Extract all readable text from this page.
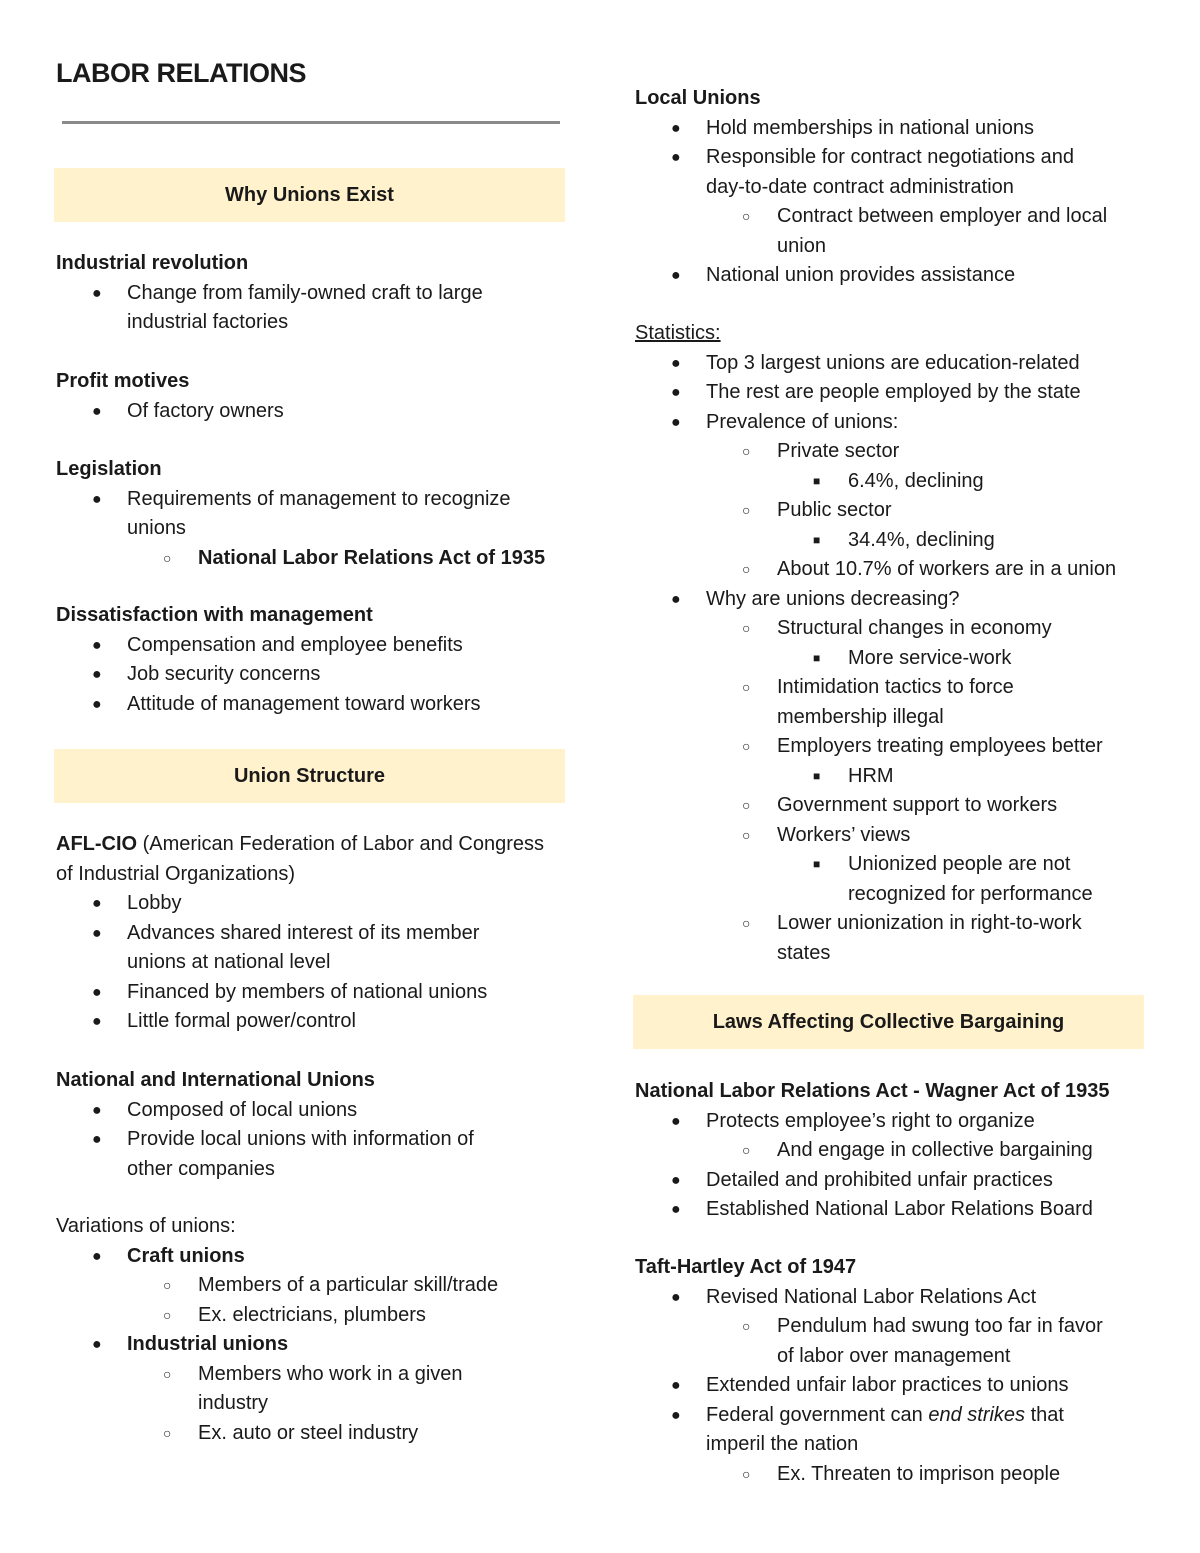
LABOR RELATIONS
Why Unions Exist
Industrial revolution
● Change from family-owned craft to large
industrial factories
Profit motives
● Of factory owners
Legislation
● Requirements of management to recognize
unions
○ National Labor Relations Act of 1935
Dissatisfaction with management
● Compensation and employee benefits
● Job security concerns
● Attitude of management toward workers
Union Structure
AFL-CIO (American Federation of Labor and Congress
of Industrial Organizations)
● Lobby
● Advances shared interest of its member
unions at national level
● Financed by members of national unions
● Little formal power/control
National and International Unions
● Composed of local unions
● Provide local unions with information of
other companies
Variations of unions:
● Craft unions
○ Members of a particular skill/trade
○ Ex. electricians, plumbers
● Industrial unions
○ Members who work in a given
industry
○ Ex. auto or steel industry
Local Unions
● Hold memberships in national unions
● Responsible for contract negotiations and
day-to-date contract administration
○ Contract between employer and local
union
● National union provides assistance
Statistics:
● Top 3 largest unions are education-related
● The rest are people employed by the state
● Prevalence of unions:
○ Private sector
■ 6.4%, declining
○ Public sector
■ 34.4%, declining
○ About 10.7% of workers are in a union
● Why are unions decreasing?
○ Structural changes in economy
■ More service-work
○ Intimidation tactics to force
membership illegal
○ Employers treating employees better
■ HRM
○ Government support to workers
○ Workers’ views
■ Unionized people are not
recognized for performance
○ Lower unionization in right-to-work
states
Laws Affecting Collective Bargaining
National Labor Relations Act - Wagner Act of 1935
● Protects employee’s right to organize
○ And engage in collective bargaining
● Detailed and prohibited unfair practices
● Established National Labor Relations Board
Taft-Hartley Act of 1947
● Revised National Labor Relations Act
○ Pendulum had swung too far in favor
of labor over management
● Extended unfair labor practices to unions
● Federal government can end strikes that
imperil the nation
○ Ex. Threaten to imprison people
